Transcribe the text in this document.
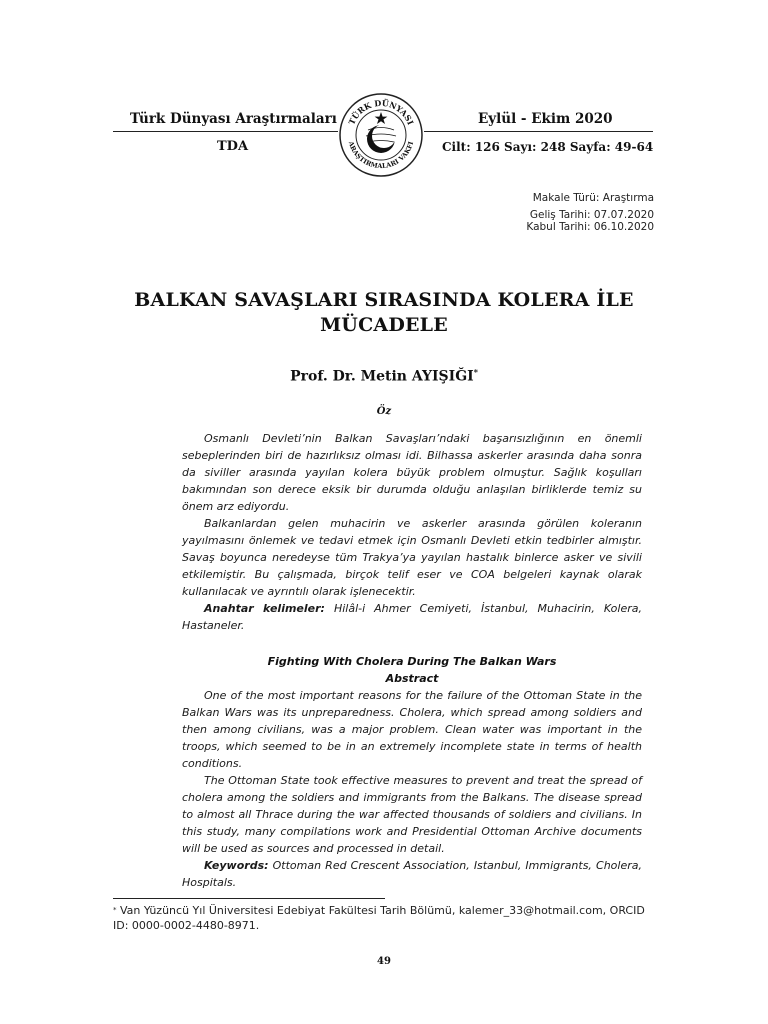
Türk Dünyası Araştırmaları	Eylül - Ekim 2020
TDA	Cilt: 126 Sayı: 248 Sayfa: 49-64
TÜRK DÜNYASI
ARAŞTIRMALARI VAKFI
Makale Türü: Araştırma
Geliş Tarihi: 07.07.2020
Kabul Tarihi: 06.10.2020
BALKAN SAVAŞLARI SIRASINDA KOLERA İLE
MÜCADELE
Prof. Dr. Metin AYIŞIĞI*
Öz

Osmanlı Devleti’nin Balkan Savaşları’ndaki başarısızlığının en önemli sebeplerinden biri de hazırlıksız olması idi. Bilhassa askerler arasında daha sonra da siviller arasında yayılan kolera büyük problem olmuştur. Sağlık koşulları bakımından son derece eksik bir durumda olduğu anlaşılan birliklerde temiz su önem arz ediyordu.

Balkanlardan gelen muhacirin ve askerler arasında görülen koleranın yayılmasını önlemek ve tedavi etmek için Osmanlı Devleti etkin tedbirler almıştır. Savaş boyunca neredeyse tüm Trakya’ya yayılan hastalık binlerce asker ve sivili etkilemiştir. Bu çalışmada, birçok telif eser ve COA belgeleri kaynak olarak kullanılacak ve ayrıntılı olarak işlenecektir.

Anahtar kelimeler: Hilâl-i Ahmer Cemiyeti, İstanbul, Muhacirin, Kolera, Hastaneler.

Fighting With Cholera During The Balkan Wars
Abstract

One of the most important reasons for the failure of the Ottoman State in the Balkan Wars was its unpreparedness. Cholera, which spread among soldiers and then among civilians, was a major problem. Clean water was important in the troops, which seemed to be in an extremely incomplete state in terms of health conditions.

The Ottoman State took effective measures to prevent and treat the spread of cholera among the soldiers and immigrants from the Balkans. The disease spread to almost all Thrace during the war affected thousands of soldiers and civilians. In this study, many compilations work and Presidential Ottoman Archive documents will be used as sources and processed in detail.

Keywords: Ottoman Red Crescent Association, Istanbul, Immigrants, Cholera, Hospitals.

* Van Yüzüncü Yıl Üniversitesi Edebiyat Fakültesi Tarih Bölümü, kalemer_33@hotmail.com, ORCID ID: 0000-0002-4480-8971.
49
